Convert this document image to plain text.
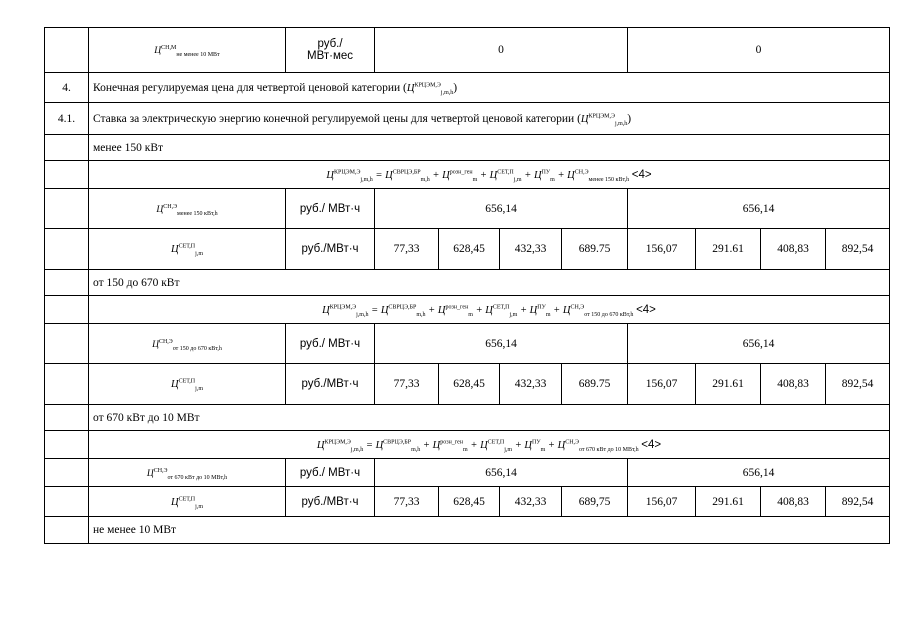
	$Ц^{СН,М}_{не менее 10 МВт}$	руб./
МВт·мес	0				0			
4.	Конечная регулируемая цена для четвертой ценовой категории $(Ц^{КРЦЭМ,Э}_{j,m,h})$									
4.1.	Ставка за электрическую энергию конечной регулируемой цены для четвертой ценовой категории $(Ц^{КРЦЭМ,Э}_{j,m,h})$									
	менее 150 кВт									
	$Ц^{КРЦЭМ,Э}_{j,m,h} = Ц^{СВРЦЭ,БР}_{m,h} + Ц^{розн\_ген}_m + Ц^{СЕТ,П}_{j,m} + Ц^{ПУ}_m + Ц^{СН,Э}_{менее 150 кВт,h} <4>$									
	$Ц^{СН,Э}_{менее 150 кВт,h}$	руб./ МВт·ч	656,14				656,14			
	$Ц^{СЕТ,П}_{j,m}$	руб./МВт·ч	77,33	628,45	432,33	689.75	156,07	291.61	408,83	892,54
	от 150 до 670 кВт									
	$Ц^{КРЦЭМ,Э}_{j,m,h} = Ц^{СВРЦЭ,БР}_{m,h} + Ц^{розн\_ген}_m + Ц^{СЕТ,П}_{j,m} + Ц^{ПУ}_m + Ц^{СН,Э}_{от 150 до 670 кВт,h} <4>$									
	$Ц^{СН,Э}_{от 150 до 670 кВт,h}$	руб./ МВт·ч	656,14				656,14			
	$Ц^{СЕТ,П}_{j,m}$	руб./МВт·ч	77,33	628,45	432,33	689.75	156,07	291.61	408,83	892,54
	от 670 кВт до 10 МВт									
	$Ц^{КРЦЭМ,Э}_{j,m,h} = Ц^{СВРЦЭ,БР}_{m,h} + Ц^{розн\_ген}_m + Ц^{СЕТ,П}_{j,m} + Ц^{ПУ}_m + Ц^{СН,Э}_{от 670 кВт до 10 МВт,h} <4>$									
	$Ц^{СН,Э}_{от 670 кВт до 10 МВт,h}$	руб./ МВт·ч	656,14				656,14			
	$Ц^{СЕТ,П}_{j,m}$	руб./МВт·ч	77,33	628,45	432,33	689,75	156,07	291.61	408,83	892,54
	не менее 10 МВт									
